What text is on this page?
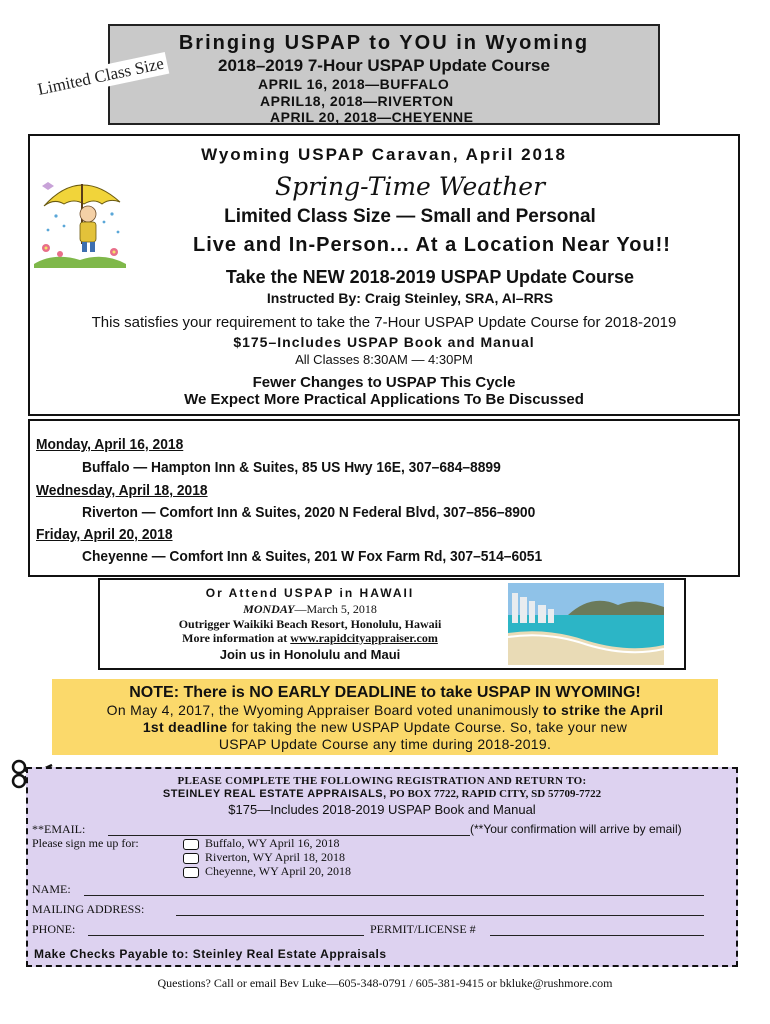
Bringing USPAP to YOU in Wyoming
2018–2019 7-Hour USPAP Update Course
APRIL 16, 2018—BUFFALO
APRIL18, 2018—RIVERTON
APRIL 20, 2018—CHEYENNE
Limited Class Size
Wyoming USPAP Caravan, April 2018
Spring-Time Weather
Limited Class Size — Small and Personal
Live and In-Person... At a Location Near You!!
Take the NEW 2018-2019 USPAP Update Course
Instructed By: Craig Steinley, SRA, AI–RRS
This satisfies your requirement to take the 7-Hour USPAP Update Course for 2018-2019
$175–Includes USPAP Book and Manual
All Classes 8:30AM — 4:30PM
Fewer Changes to USPAP This Cycle
We Expect More Practical Applications To Be Discussed
Monday, April 16, 2018
Buffalo — Hampton Inn & Suites, 85 US Hwy 16E, 307–684–8899
Wednesday, April 18, 2018
Riverton — Comfort Inn & Suites, 2020 N Federal Blvd, 307–856–8900
Friday, April 20, 2018
Cheyenne — Comfort Inn & Suites, 201 W Fox Farm Rd, 307–514–6051
Or Attend USPAP in HAWAII
MONDAY—March 5, 2018
Outrigger Waikiki Beach Resort, Honolulu, Hawaii
More information at www.rapidcityappraiser.com
Join us in Honolulu and Maui
NOTE: There is NO EARLY DEADLINE to take USPAP IN WYOMING!
On May 4, 2017, the Wyoming Appraiser Board voted unanimously to strike the April
1st deadline for taking the new USPAP Update Course. So, take your new
USPAP Update Course any time during 2018-2019.
PLEASE COMPLETE THE FOLLOWING REGISTRATION AND RETURN TO:
STEINLEY REAL ESTATE APPRAISALS, PO BOX 7722, RAPID CITY, SD 57709-7722
$175—Includes 2018-2019 USPAP Book and Manual
**EMAIL:	(**Your confirmation will arrive by email)
Please sign me up for:	Buffalo, WY April 16, 2018
Riverton, WY April 18, 2018
Cheyenne, WY April 20, 2018
NAME:
MAILING ADDRESS:
PHONE:	PERMIT/LICENSE #
Make Checks Payable to: Steinley Real Estate Appraisals
Questions? Call or email Bev Luke—605-348-0791 / 605-381-9415 or bkluke@rushmore.com
